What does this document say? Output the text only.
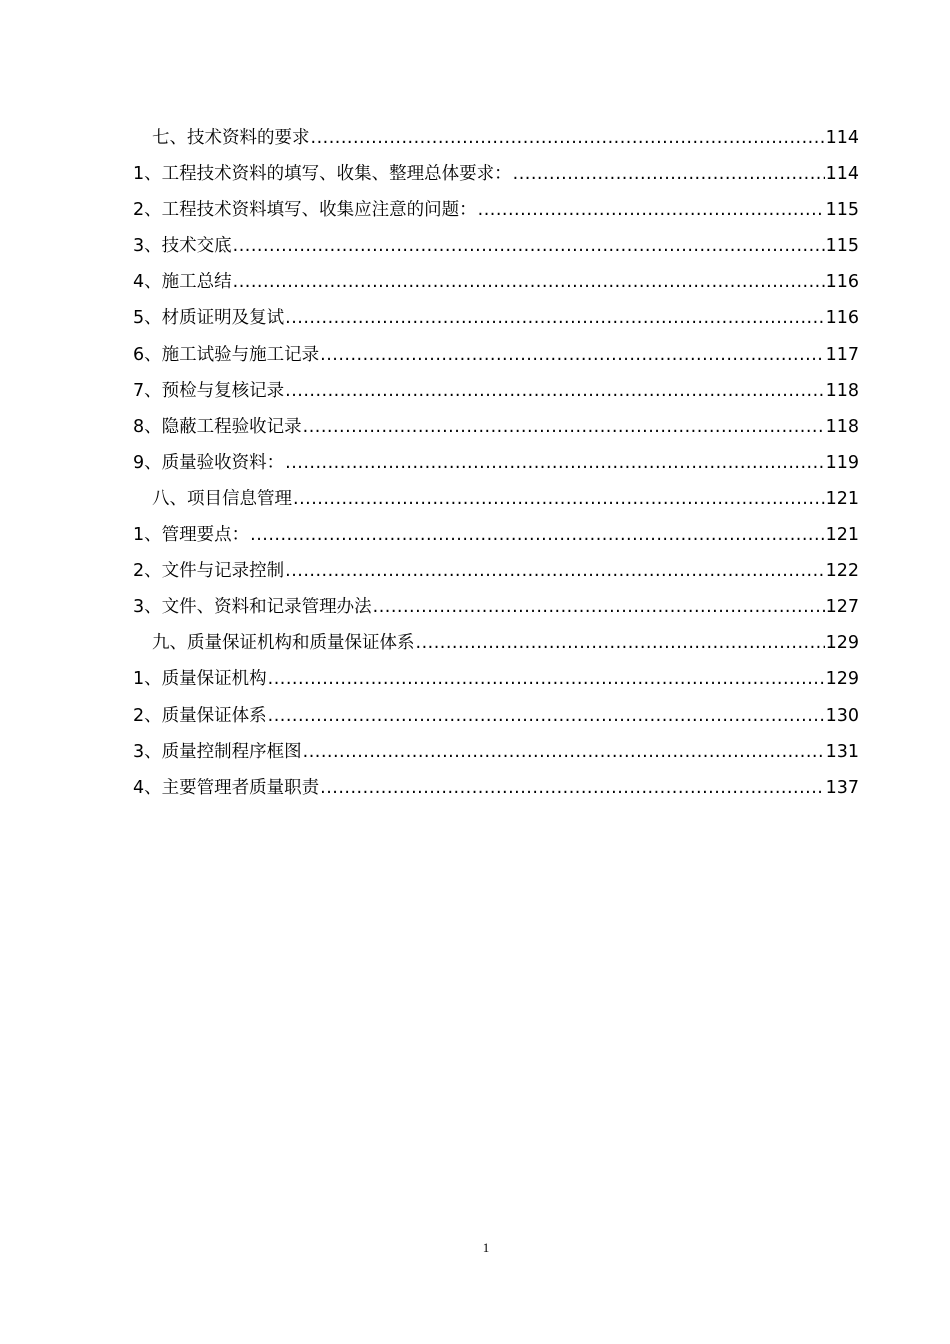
七、技术资料的要求 .....	114
1、工程技术资料的填写、收集、整理总体要求： .....	114
2、工程技术资料填写、收集应注意的问题： .....	115
3、技术交底 .....	115
4、施工总结 .....	116
5、材质证明及复试 .....	116
6、施工试验与施工记录 .....	117
7、预检与复核记录 .....	118
8、隐蔽工程验收记录 .....	118
9、质量验收资料： .....	119
八、项目信息管理 .....	121
1、管理要点： .....	121
2、文件与记录控制 .....	122
3、文件、资料和记录管理办法 .....	127
九、质量保证机构和质量保证体系 .....	129
1、质量保证机构 .....	129
2、质量保证体系 .....	130
3、质量控制程序框图 .....	131
4、主要管理者质量职责 .....	137
1
